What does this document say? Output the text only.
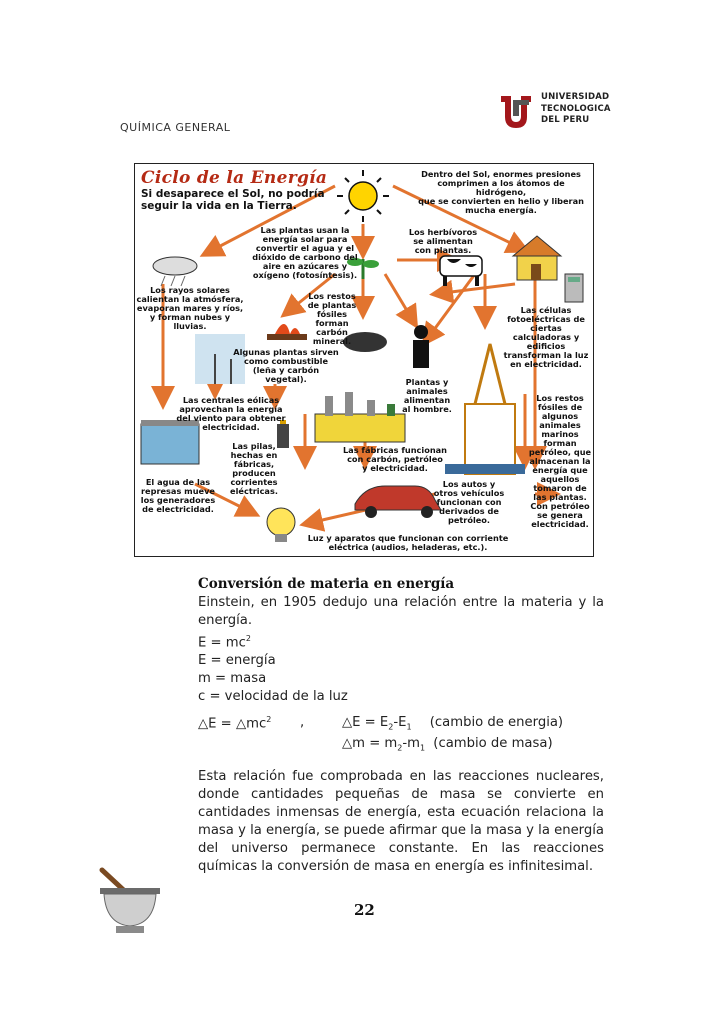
QUÍMICA GENERAL
UNIVERSIDAD
TECNOLOGICA
DEL PERU
Ciclo de la Energía
Si desaparece el Sol, no podría
seguir la vida en la Tierra.
Dentro del Sol, enormes presiones
comprimen a los átomos de hidrógeno,
que se convierten en helio y liberan
mucha energía.
Las plantas usan la
energía solar para
convertir el agua y el
dióxido de carbono del
aire en azúcares y
oxígeno (fotosíntesis).
Los herbívoros
se alimentan
con plantas.
Los rayos solares
calientan la atmósfera,
evaporan mares y ríos,
y forman nubes y
lluvias.
Los restos
de plantas
fósiles forman
carbón
mineral.
Las células
fotoeléctricas de
ciertas
calculadoras y
edificios
transforman la luz
en electricidad.
Algunas plantas sirven
como combustible
(leña y carbón
vegetal).	Plantas y
animales
alimentan
al hombre.
Las centrales eólicas
aprovechan la energía
del viento para obtener
electricidad.
Los restos
fósiles de
algunos
animales
marinos
forman
petróleo, que
almacenan la
energía que
aquellos
tomaron de
las plantas.
Con petróleo
se genera
electricidad.
Las pilas,
hechas en
fábricas,
producen
corrientes
eléctricas.
Las fábricas funcionan
con carbón, petróleo
y electricidad.
El agua de las
represas mueve
los generadores
de electricidad.
Los autos y
otros vehículos
funcionan con
derivados de
petróleo.
Luz y aparatos que funcionan con corriente
eléctrica (audios, heladeras, etc.).
Conversión de materia en energía
Einstein, en 1905 dedujo una relación entre la materia y la energía.
$E = mc^2$
E = energía
m = masa
c = velocidad de la luz
△E = $\triangle mc^2$ ,	△E = $E_2-E_1$ (cambio de energia)
△m = $m_2-m_1$ (cambio de masa)
Esta relación fue comprobada en las reacciones nucleares, donde cantidades pequeñas de masa se convierte en cantidades inmensas de energía, esta ecuación relaciona la masa y la energía, se puede afirmar que la masa y la energía del universo permanece constante. En las reacciones químicas la conversión de masa en energía es infinitesimal.
22
